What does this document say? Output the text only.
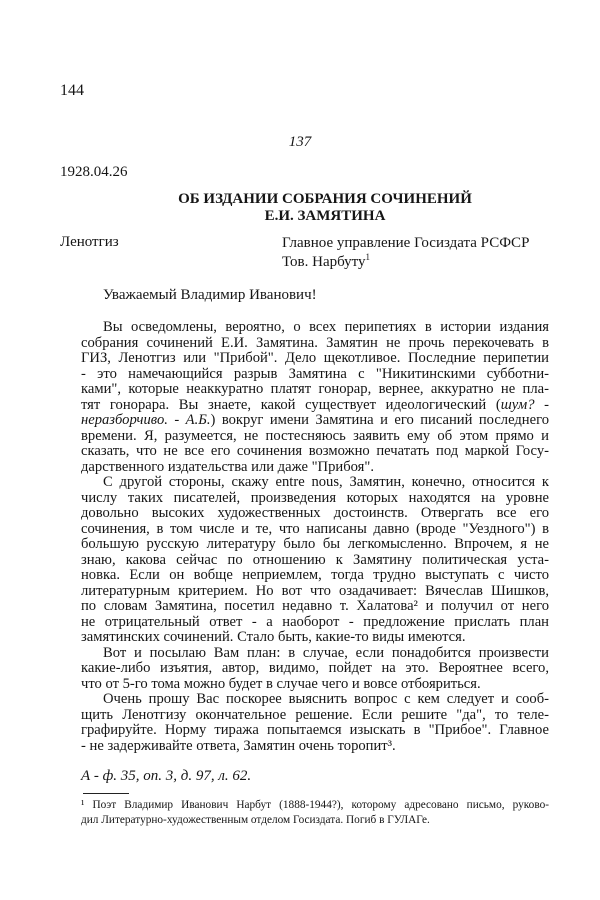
144
137
1928.04.26
ОБ ИЗДАНИИ СОБРАНИЯ СОЧИНЕНИЙ
Е.И. ЗАМЯТИНА
Ленотгиз	Главное управление Госиздата РСФСР
Тов. Нарбуту$^1$
Уважаемый Владимир Иванович!
Вы осведомлены, вероятно, о всех перипетиях в истории издания
собрания сочинений Е.И. Замятина. Замятин не прочь перекочевать в
ГИЗ, Ленотгиз или "Прибой". Дело щекотливое. Последние перипетии
- это намечающийся разрыв Замятина с "Никитинскими субботни-
ками", которые неаккуратно платят гонорар, вернее, аккуратно не пла-
тят гонорара. Вы знаете, какой существует идеологический (шум? -
неразборчиво. - А.Б.) вокруг имени Замятина и его писаний последнего
времени. Я, разумеется, не постесняюсь заявить ему об этом прямо и
сказать, что не все его сочинения возможно печатать под маркой Госу-
дарственного издательства или даже "Прибоя".
С другой стороны, скажу entre nous, Замятин, конечно, относится к
числу таких писателей, произведения которых находятся на уровне
довольно высоких художественных достоинств. Отвергать все его
сочинения, в том числе и те, что написаны давно (вроде "Уездного") в
большую русскую литературу было бы легкомысленно. Впрочем, я не
знаю, какова сейчас по отношению к Замятину политическая уста-
новка. Если он вобще неприемлем, тогда трудно выступать с чисто
литературным критерием. Но вот что озадачивает: Вячеслав Шишков,
по словам Замятина, посетил недавно т. Халатова² и получил от него
не отрицательный ответ - а наоборот - предложение прислать план
замятинских сочинений. Стало быть, какие-то виды имеются.
Вот и посылаю Вам план: в случае, если понадобится произвести
какие-либо изъятия, автор, видимо, пойдет на это. Вероятнее всего,
что от 5-го тома можно будет в случае чего и вовсе отбояриться.
Очень прошу Вас поскорее выяснить вопрос с кем следует и сооб-
щить Ленотгизу окончательное решение. Если решите "да", то теле-
графируйте. Норму тиража попытаемся изыскать в "Прибое". Главное
- не задерживайте ответа, Замятин очень торопит³.
А - ф. 35, оп. 3, д. 97, л. 62.
¹ Поэт Владимир Иванович Нарбут (1888-1944?), которому адресовано письмо, руково-
дил Литературно-художественным отделом Госиздата. Погиб в ГУЛАГе.
